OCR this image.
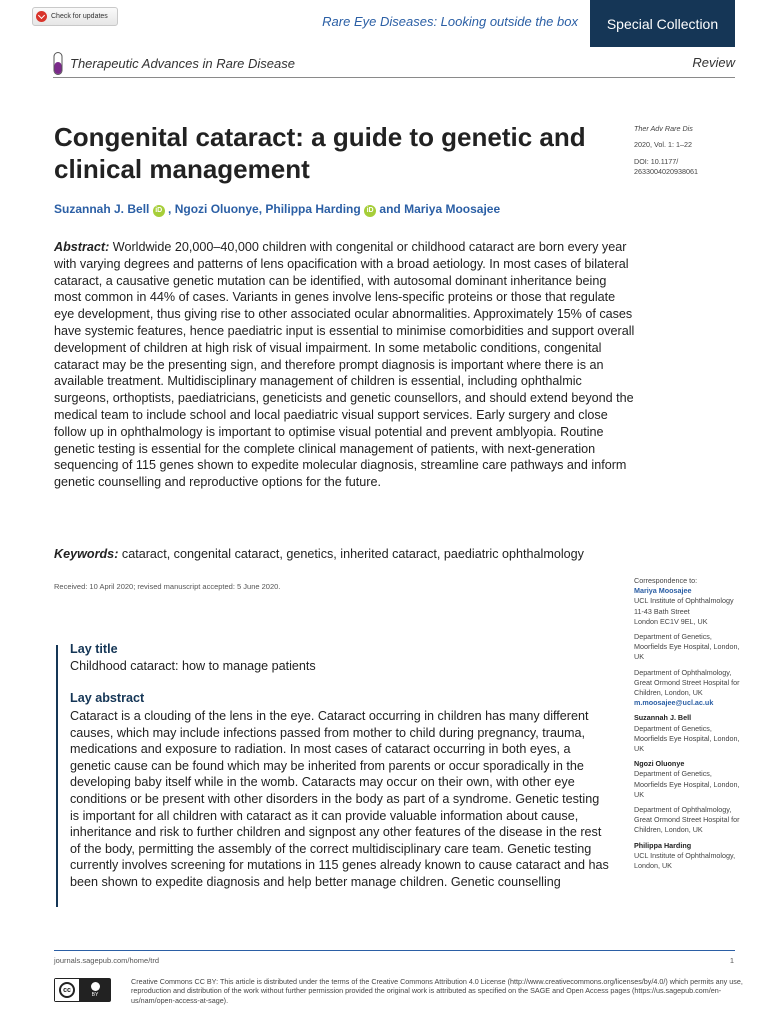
Check for updates	Rare Eye Diseases: Looking outside the box	Special Collection
Therapeutic Advances in Rare Disease	Review
Congenital cataract: a guide to genetic and clinical management
Suzannah J. Bell iD , Ngozi Oluonye, Philippa Harding iD and Mariya Moosajee
Ther Adv Rare Dis
2020, Vol. 1: 1–22
DOI: 10.1177/
2633004020938061
Abstract: Worldwide 20,000–40,000 children with congenital or childhood cataract are born every year with varying degrees and patterns of lens opacification with a broad aetiology. In most cases of bilateral cataract, a causative genetic mutation can be identified, with autosomal dominant inheritance being most common in 44% of cases. Variants in genes involve lens-specific proteins or those that regulate eye development, thus giving rise to other associated ocular abnormalities. Approximately 15% of cases have systemic features, hence paediatric input is essential to minimise comorbidities and support overall development of children at high risk of visual impairment. In some metabolic conditions, congenital cataract may be the presenting sign, and therefore prompt diagnosis is important where there is an available treatment. Multidisciplinary management of children is essential, including ophthalmic surgeons, orthoptists, paediatricians, geneticists and genetic counsellors, and should extend beyond the medical team to include school and local paediatric visual support services. Early surgery and close follow up in ophthalmology is important to optimise visual potential and prevent amblyopia. Routine genetic testing is essential for the complete clinical management of patients, with next-generation sequencing of 115 genes shown to expedite molecular diagnosis, streamline care pathways and inform genetic counselling and reproductive options for the future.
Keywords: cataract, congenital cataract, genetics, inherited cataract, paediatric ophthalmology
Received: 10 April 2020; revised manuscript accepted: 5 June 2020.
Correspondence to:
Mariya Moosajee
UCL Institute of Ophthalmology
11-43 Bath Street
London EC1V 9EL, UK
Department of Genetics, Moorfields Eye Hospital, London, UK
Department of Ophthalmology, Great Ormond Street Hospital for Children, London, UK
m.moosajee@ucl.ac.uk
Suzannah J. Bell
Department of Genetics, Moorfields Eye Hospital, London, UK
Ngozi Oluonye
Department of Genetics, Moorfields Eye Hospital, London, UK
Department of Ophthalmology, Great Ormond Street Hospital for Children, London, UK
Philippa Harding
UCL Institute of Ophthalmology, London, UK
Lay title
Childhood cataract: how to manage patients
Lay abstract
Cataract is a clouding of the lens in the eye. Cataract occurring in children has many different causes, which may include infections passed from mother to child during pregnancy, trauma, medications and exposure to radiation. In most cases of cataract occurring in both eyes, a genetic cause can be found which may be inherited from parents or occur sporadically in the developing baby itself while in the womb. Cataracts may occur on their own, with other eye conditions or be present with other disorders in the body as part of a syndrome. Genetic testing is important for all children with cataract as it can provide valuable information about cause, inheritance and risk to further children and signpost any other features of the disease in the rest of the body, permitting the assembly of the correct multidisciplinary care team. Genetic testing currently involves screening for mutations in 115 genes already known to cause cataract and has been shown to expedite diagnosis and help better manage children. Genetic counselling
journals.sagepub.com/home/trd	1
cc
BY
Creative Commons CC BY: This article is distributed under the terms of the Creative Commons Attribution 4.0 License (http://www.creativecommons.org/licenses/by/4.0/) which permits any use, reproduction and distribution of the work without further permission provided the original work is attributed as specified on the SAGE and Open Access pages (https://us.sagepub.com/en-us/nam/open-access-at-sage).
